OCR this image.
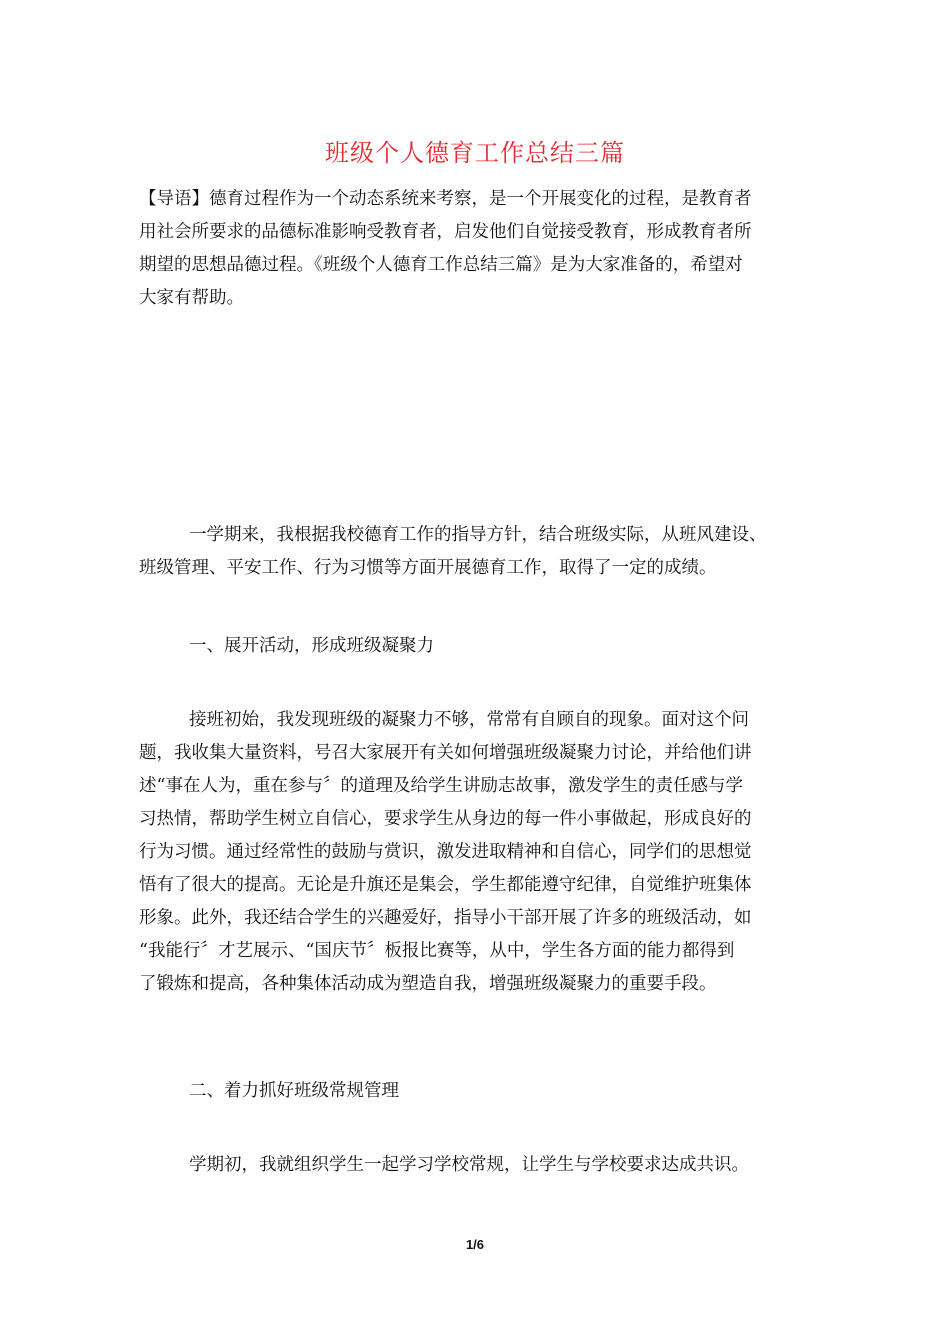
班级个人德育工作总结三篇
【导语】德育过程作为一个动态系统来考察，是一个开展变化的过程，是教育者
用社会所要求的品德标准影响受教育者，启发他们自觉接受教育，形成教育者所
期望的思想品德过程。《班级个人德育工作总结三篇》是为大家准备的，希望对
大家有帮助。
一学期来，我根据我校德育工作的指导方针，结合班级实际，从班风建设、
班级管理、平安工作、行为习惯等方面开展德育工作，取得了一定的成绩。
一、展开活动，形成班级凝聚力
接班初始，我发现班级的凝聚力不够，常常有自顾自的现象。面对这个问
题，我收集大量资料，号召大家展开有关如何增强班级凝聚力讨论，并给他们讲
述“事在人为，重在参与〞的道理及给学生讲励志故事，激发学生的责任感与学
习热情，帮助学生树立自信心，要求学生从身边的每一件小事做起，形成良好的
行为习惯。通过经常性的鼓励与赏识，激发进取精神和自信心，同学们的思想觉
悟有了很大的提高。无论是升旗还是集会，学生都能遵守纪律，自觉维护班集体
形象。此外，我还结合学生的兴趣爱好，指导小干部开展了许多的班级活动，如
“我能行〞才艺展示、“国庆节〞板报比赛等，从中，学生各方面的能力都得到
了锻炼和提高，各种集体活动成为塑造自我，增强班级凝聚力的重要手段。
二、着力抓好班级常规管理
学期初，我就组织学生一起学习学校常规，让学生与学校要求达成共识。
1/6
